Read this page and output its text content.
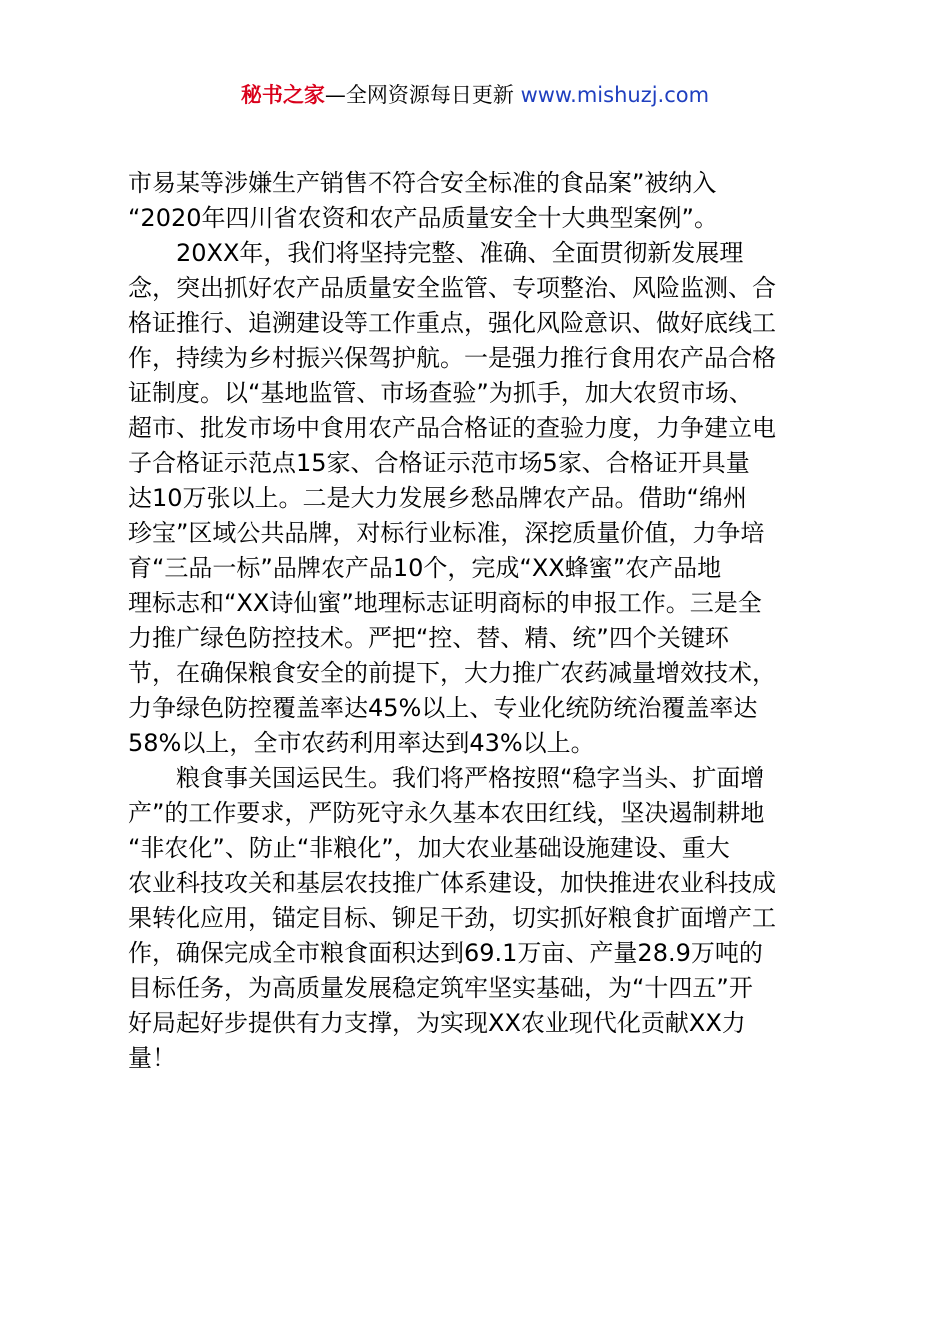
秘书之家—全网资源每日更新 www.mishuzj.com
市易某等涉嫌生产销售不符合安全标准的食品案”被纳入
“2020年四川省农资和农产品质量安全十大典型案例”。
　　20XX年，我们将坚持完整、准确、全面贯彻新发展理
念，突出抓好农产品质量安全监管、专项整治、风险监测、合
格证推行、追溯建设等工作重点，强化风险意识、做好底线工
作，持续为乡村振兴保驾护航。一是强力推行食用农产品合格
证制度。以“基地监管、市场查验”为抓手，加大农贸市场、
超市、批发市场中食用农产品合格证的查验力度，力争建立电
子合格证示范点15家、合格证示范市场5家、合格证开具量
达10万张以上。二是大力发展乡愁品牌农产品。借助“绵州
珍宝”区域公共品牌，对标行业标准，深挖质量价值，力争培
育“三品一标”品牌农产品10个，完成“XX蜂蜜”农产品地
理标志和“XX诗仙蜜”地理标志证明商标的申报工作。三是全
力推广绿色防控技术。严把“控、替、精、统”四个关键环
节，在确保粮食安全的前提下，大力推广农药减量增效技术，
力争绿色防控覆盖率达45%以上、专业化统防统治覆盖率达
58%以上，全市农药利用率达到43%以上。
　　粮食事关国运民生。我们将严格按照“稳字当头、扩面增
产”的工作要求，严防死守永久基本农田红线，坚决遏制耕地
“非农化”、防止“非粮化”，加大农业基础设施建设、重大
农业科技攻关和基层农技推广体系建设，加快推进农业科技成
果转化应用，锚定目标、铆足干劲，切实抓好粮食扩面增产工
作，确保完成全市粮食面积达到69.1万亩、产量28.9万吨的
目标任务，为高质量发展稳定筑牢坚实基础，为“十四五”开
好局起好步提供有力支撑，为实现XX农业现代化贡献XX力
量！
